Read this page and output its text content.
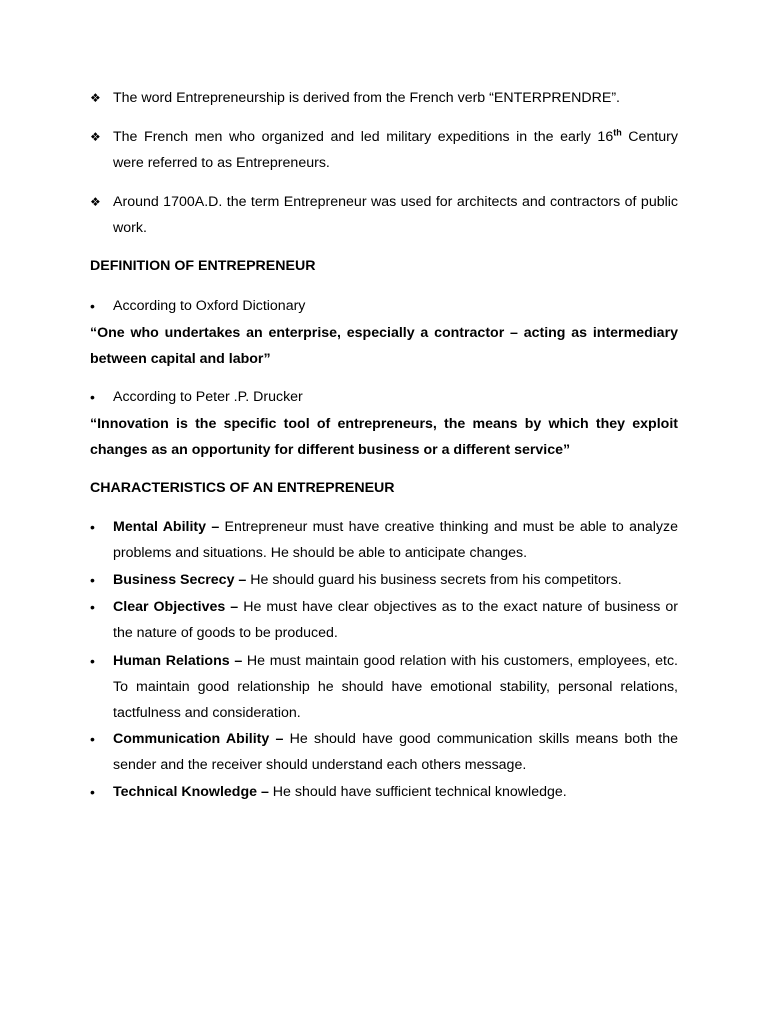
❖ The word Entrepreneurship is derived from the French verb “ENTERPRENDRE”.
❖ The French men who organized and led military expeditions in the early 16th Century were referred to as Entrepreneurs.
❖ Around 1700A.D. the term Entrepreneur was used for architects and contractors of public work.
DEFINITION OF ENTREPRENEUR
• According to Oxford Dictionary
“One who undertakes an enterprise, especially a contractor – acting as intermediary between capital and labor”
• According to Peter .P. Drucker
“Innovation is the specific tool of entrepreneurs, the means by which they exploit changes as an opportunity for different business or a different service”
CHARACTERISTICS OF AN ENTREPRENEUR
• Mental Ability – Entrepreneur must have creative thinking and must be able to analyze problems and situations. He should be able to anticipate changes.
• Business Secrecy – He should guard his business secrets from his competitors.
• Clear Objectives – He must have clear objectives as to the exact nature of business or the nature of goods to be produced.
• Human Relations – He must maintain good relation with his customers, employees, etc. To maintain good relationship he should have emotional stability, personal relations, tactfulness and consideration.
• Communication Ability – He should have good communication skills means both the sender and the receiver should understand each others message.
• Technical Knowledge – He should have sufficient technical knowledge.
